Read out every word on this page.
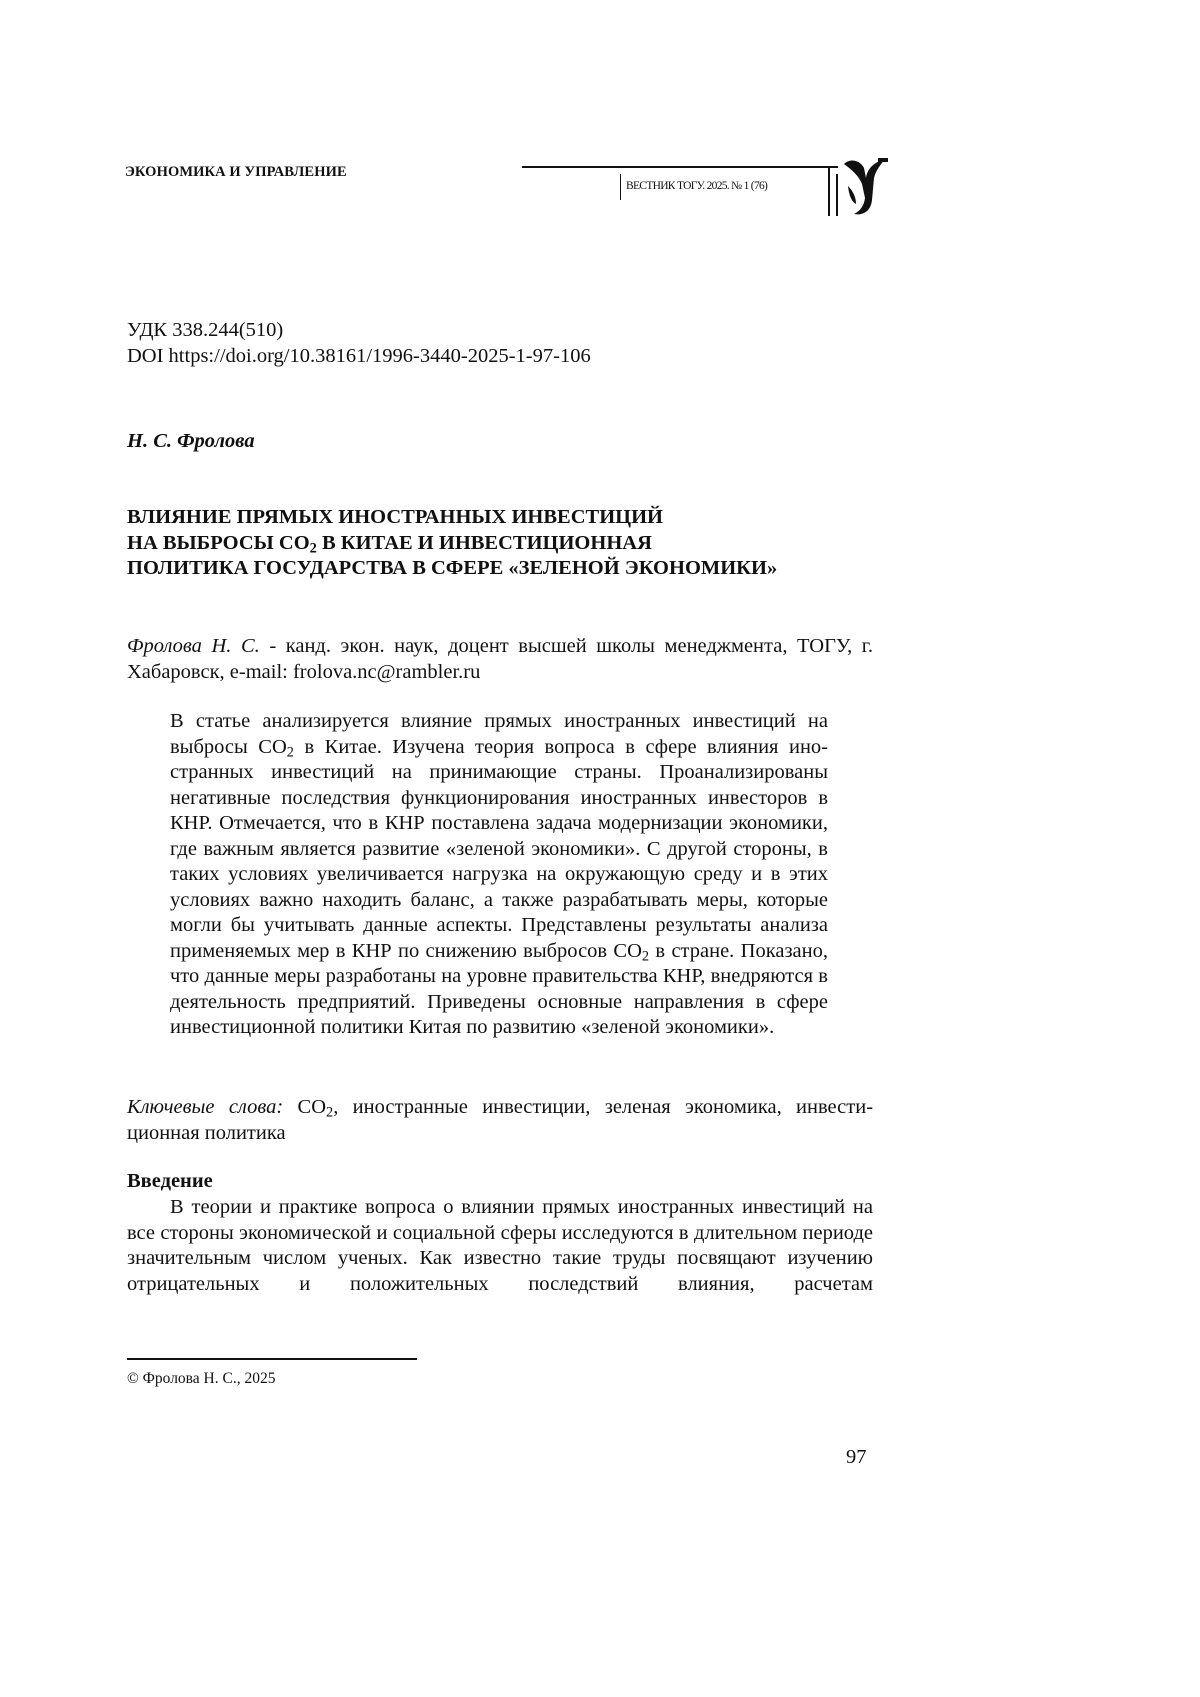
ЭКОНОМИКА И УПРАВЛЕНИЕ
ВЕСТНИК ТОГУ. 2025. № 1 (76)
УДК 338.244(510)
DOI https://doi.org/10.38161/1996-3440-2025-1-97-106
Н. С. Фролова
ВЛИЯНИЕ ПРЯМЫХ ИНОСТРАННЫХ ИНВЕСТИЦИЙ
НА ВЫБРОСЫ $CO_2$ В КИТАЕ И ИНВЕСТИЦИОННАЯ
ПОЛИТИКА ГОСУДАРСТВА В СФЕРЕ «ЗЕЛЕНОЙ ЭКОНОМИКИ»
Фролова Н. С. - канд. экон. наук, доцент высшей школы менеджмента, ТОГУ, г. Хабаровск, e-mail: frolova.nc@rambler.ru
В статье анализируется влияние прямых иностранных инвестиций на выбросы $CO_2$ в Китае. Изучена теория вопроса в сфере влияния иностранных инвестиций на принимающие страны. Проанализированы негативные последствия функционирования иностранных инвесторов в КНР. Отмечается, что в КНР поставлена задача модернизации экономики, где важным является развитие «зеленой экономики». С другой стороны, в таких условиях увеличивается нагрузка на окружающую среду и в этих условиях важно находить баланс, а также разрабатывать меры, которые могли бы учитывать данные аспекты. Представлены результаты анализа применяемых мер в КНР по снижению выбросов $CO_2$ в стране. Показано, что данные меры разработаны на уровне правительства КНР, внедряются в деятельность предприятий. Приведены основные направления в сфере инвестиционной политики Китая по развитию «зеленой экономики».
Ключевые слова: $CO_2$, иностранные инвестиции, зеленая экономика, инвестиционная политика
Введение
В теории и практике вопроса о влиянии прямых иностранных инвестиций на все стороны экономической и социальной сферы исследуются в длительном периоде значительным числом ученых. Как известно такие труды посвящают изучению отрицательных и положительных последствий влияния, расчетам
© Фролова Н. С., 2025
97
